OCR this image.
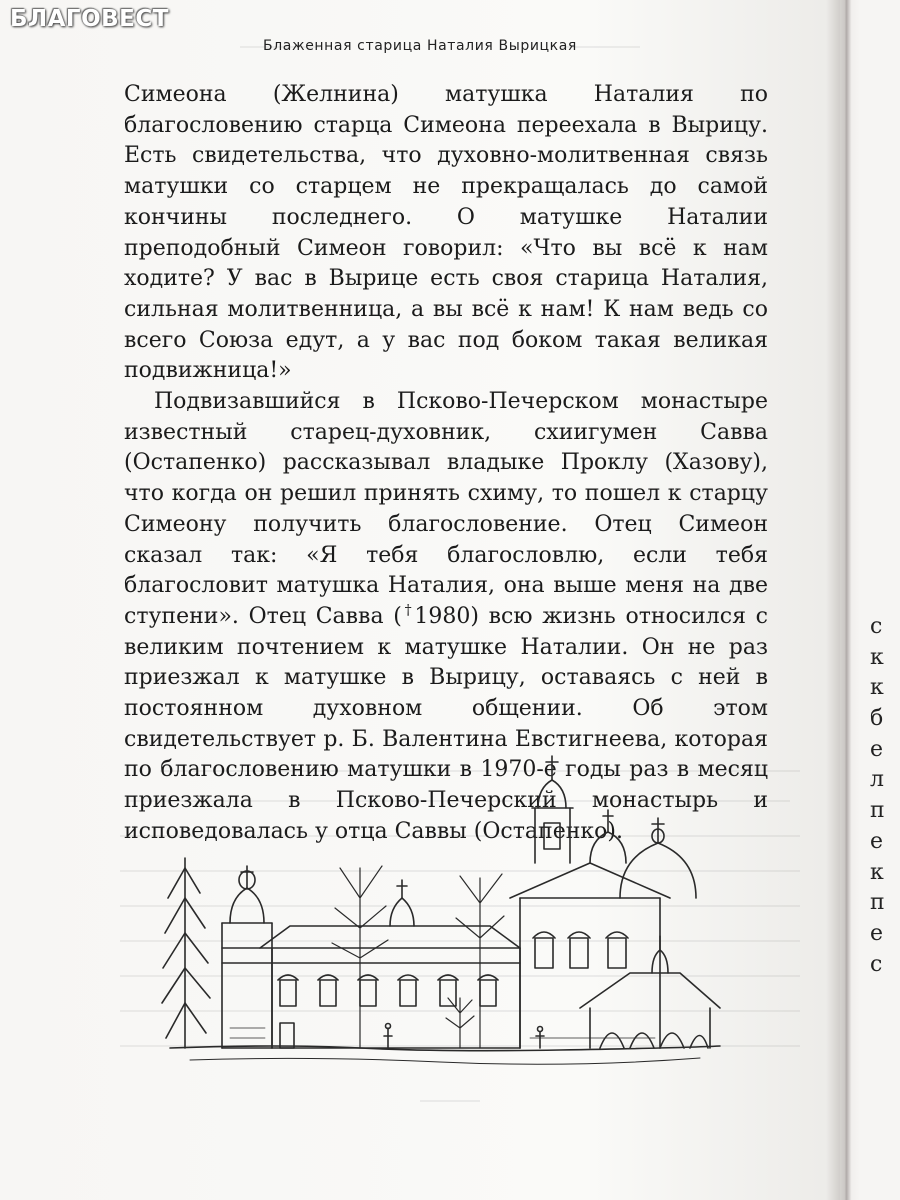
с
к
к
б
е
л
п
е
к
п
е
с
Блаженная старица Наталия Вырицкая

Симеона (Желнина) матушка Наталия по благословению старца Симеона переехала в Вырицу. Есть свидетельства, что духовно-молитвенная связь матушки со старцем не прекращалась до самой кончины последнего. О матушке Наталии преподобный Симеон говорил: «Что вы всё к нам ходите? У вас в Вырице есть своя старица Наталия, сильная молитвенница, а вы всё к нам! К нам ведь со всего Союза едут, а у вас под боком такая великая подвижница!»

Подвизавшийся в Псково-Печерском монастыре известный старец-духовник, схиигумен Савва (Остапенко) рассказывал владыке Проклу (Хазову), что когда он решил принять схиму, то пошел к старцу Симеону получить благословение. Отец Симеон сказал так: «Я тебя благословлю, если тебя благословит матушка Наталия, она выше меня на две ступени». Отец Савва (†1980) всю жизнь относился с великим почтением к матушке Наталии. Он не раз приезжал к матушке в Вырицу, оставаясь с ней в постоянном духовном общении. Об этом свидетельствует р. Б. Валентина Евстигнеева, которая по благословению матушки в 1970-е годы раз в месяц приезжала в Псково-Печерский монастырь и исповедовалась у отца Саввы (Остапенко).

БЛАГОВЕСТ
